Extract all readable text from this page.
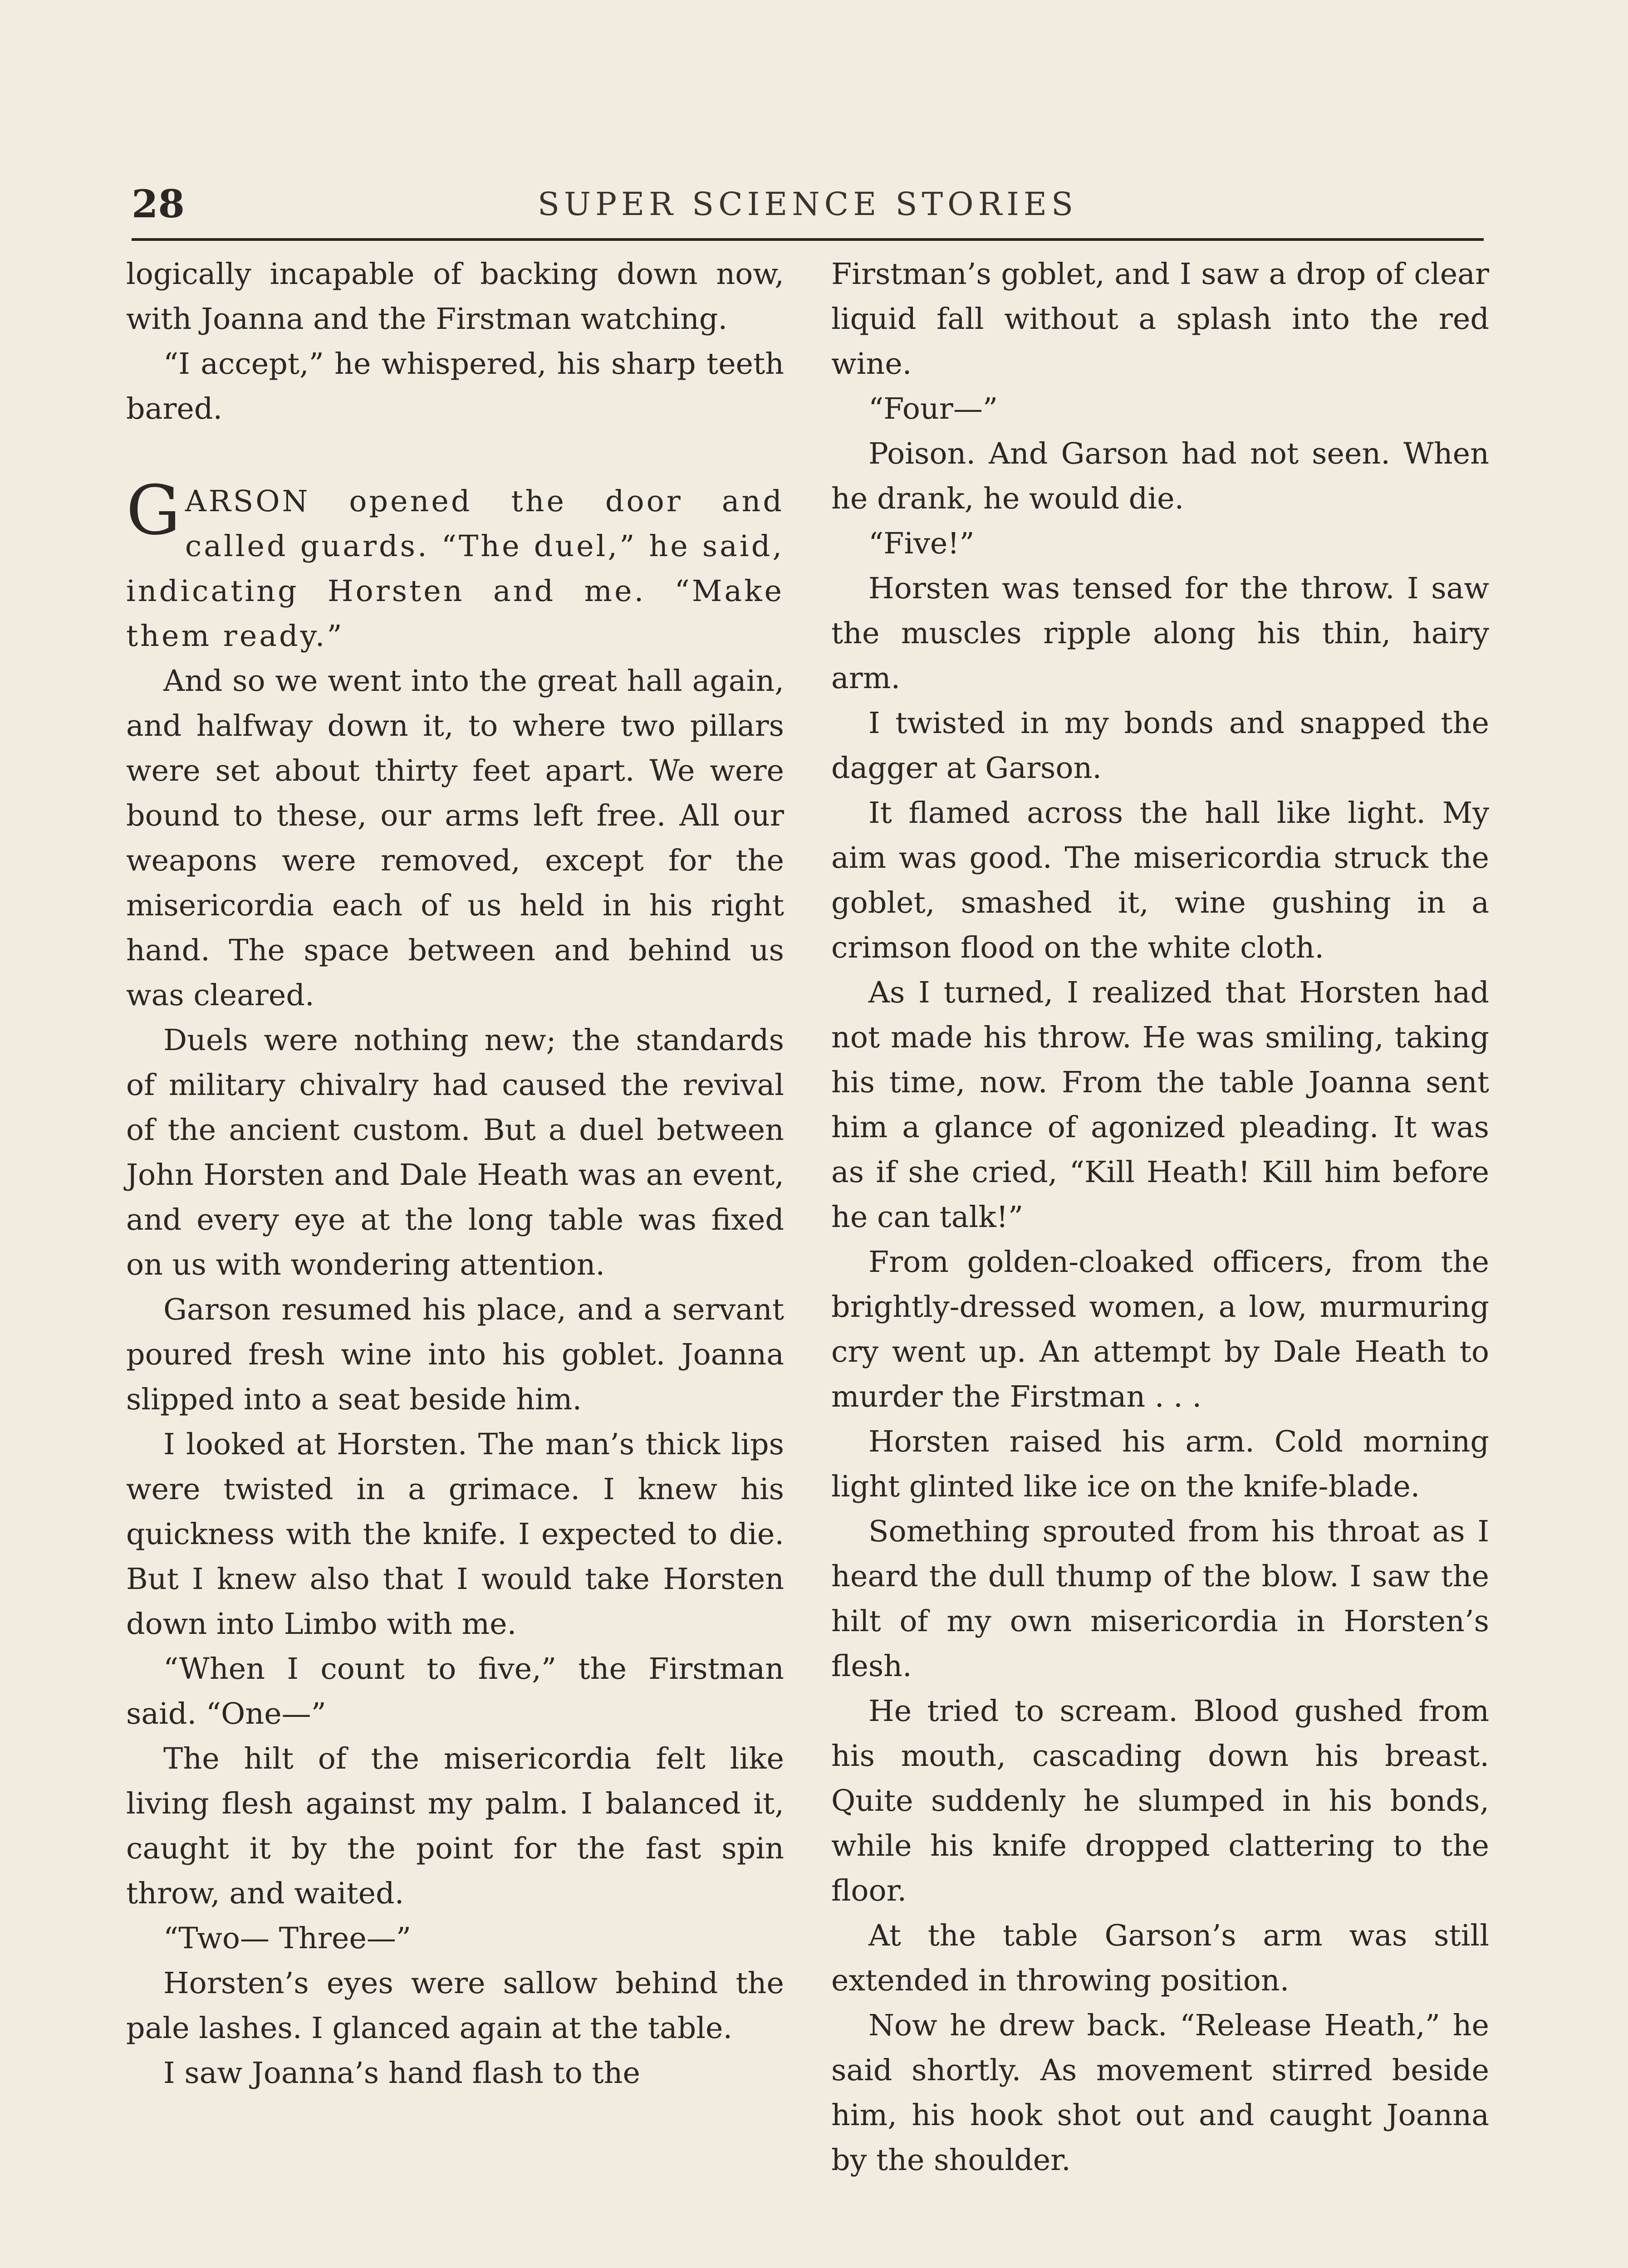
28	SUPER SCIENCE STORIES

logically incapable of backing down now, with Joanna and the Firstman watching.

“I accept,” he whispered, his sharp teeth bared.

GARSON opened the door and called guards. “The duel,” he said, indicating Horsten and me. “Make them ready.”

And so we went into the great hall again, and halfway down it, to where two pillars were set about thirty feet apart. We were bound to these, our arms left free. All our weapons were removed, except for the misericordia each of us held in his right hand. The space between and behind us was cleared.

Duels were nothing new; the standards of military chivalry had caused the revival of the ancient custom. But a duel between John Horsten and Dale Heath was an event, and every eye at the long table was fixed on us with wondering attention.

Garson resumed his place, and a servant poured fresh wine into his goblet. Joanna slipped into a seat beside him.

I looked at Horsten. The man’s thick lips were twisted in a grimace. I knew his quickness with the knife. I expected to die. But I knew also that I would take Horsten down into Limbo with me.

“When I count to five,” the Firstman said. “One—”

The hilt of the misericordia felt like living flesh against my palm. I balanced it, caught it by the point for the fast spin throw, and waited.

“Two— Three—”

Horsten’s eyes were sallow behind the pale lashes. I glanced again at the table.

I saw Joanna’s hand flash to the

Firstman’s goblet, and I saw a drop of clear liquid fall without a splash into the red wine.

“Four—”

Poison. And Garson had not seen. When he drank, he would die.

“Five!”

Horsten was tensed for the throw. I saw the muscles ripple along his thin, hairy arm.

I twisted in my bonds and snapped the dagger at Garson.

It flamed across the hall like light. My aim was good. The misericordia struck the goblet, smashed it, wine gushing in a crimson flood on the white cloth.

As I turned, I realized that Horsten had not made his throw. He was smiling, taking his time, now. From the table Joanna sent him a glance of agonized pleading. It was as if she cried, “Kill Heath! Kill him before he can talk!”

From golden-cloaked officers, from the brightly-dressed women, a low, murmuring cry went up. An attempt by Dale Heath to murder the Firstman . . .

Horsten raised his arm. Cold morning light glinted like ice on the knife-blade.

Something sprouted from his throat as I heard the dull thump of the blow. I saw the hilt of my own misericordia in Horsten’s flesh.

He tried to scream. Blood gushed from his mouth, cascading down his breast. Quite suddenly he slumped in his bonds, while his knife dropped clattering to the floor.

At the table Garson’s arm was still extended in throwing position.

Now he drew back. “Release Heath,” he said shortly. As movement stirred beside him, his hook shot out and caught Joanna by the shoulder.
